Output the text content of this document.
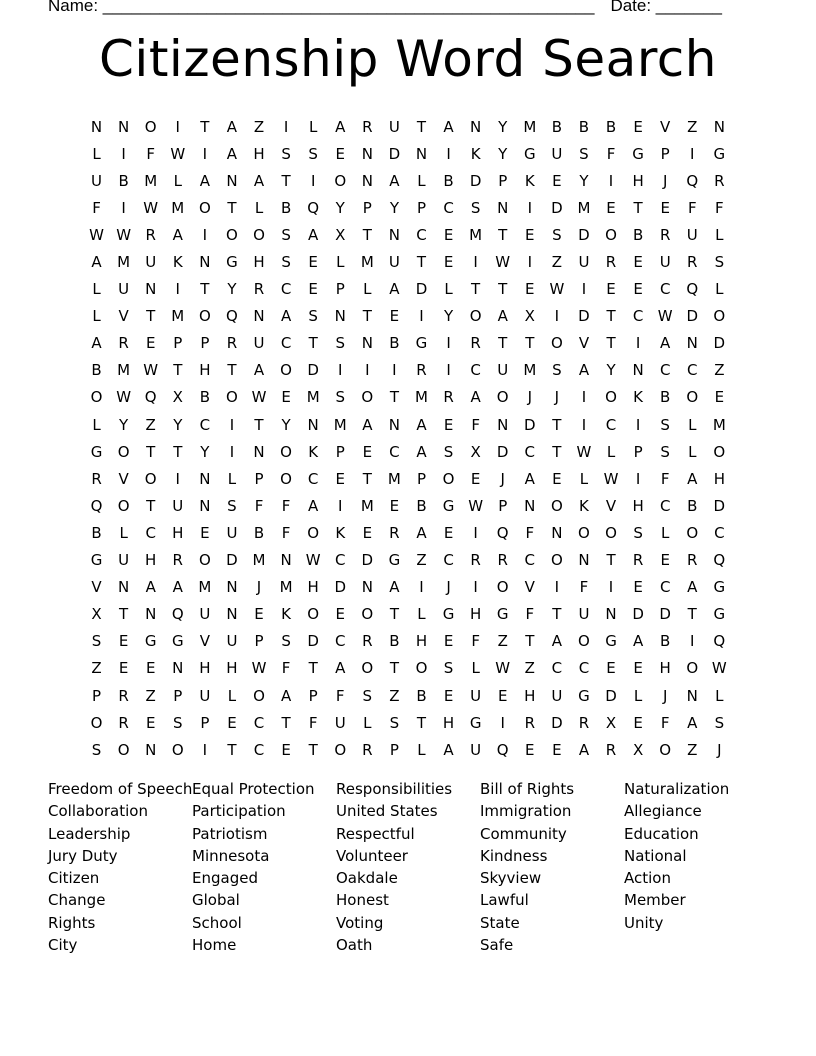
Name: ____________________________________________________ Date: _______
Citizenship Word Search
N	N	O	I	T	A	Z	I	L	A	R	U	T	A	N	Y	M	B	B	B	E	V	Z	N
L	I	F	W	I	A	H	S	S	E	N	D	N	I	K	Y	G	U	S	F	G	P	I	G
U	B	M	L	A	N	A	T	I	O	N	A	L	B	D	P	K	E	Y	I	H	J	Q	R
F	I	W M O	T	L	B	Q	Y	P	Y	P	C	S	N	I	D M	E	T	E	F	F
W W R	A	I	O	O	S	A	X	T	N	C	E	M	T	E	S	D	O	B	R	U	L
A	M	U	K	N	G	H	S	E	L	M	U	T	E	I	W	I	Z	U	R	E	U	R	S
L	U	N	I	T	Y	R	C	E	P	L	A	D	L	T	T	E W	I	E	E	C	Q	L
L	V	T	M O	Q	N	A	S	N	T	E	I	Y	O	A	X	I	D	T	C W D	O
A	R	E	P	P	R	U	C	T	S	N	B	G	I	R	T	T	O	V	T	I	A	N	D
B	M W	T	H	T	A	O	D	I	I	I	R	I	C	U	M	S	A	Y	N	C	C	Z
O W Q	X	B	O W E	M	S	O	T	M	R	A	O	J	J	I	O	K	B	O	E
L	Y	Z	Y	C	I	T	Y	N M	A	N	A	E	F	N	D	T	I	C	I	S	L	M
G	O	T	T	Y	I	N	O	K	P	E	C	A	S	X	D	C	T	W	L	P	S	L	O
R	V	O	I	N	L	P	O	C	E	T	M	P	O	E	J	A	E	L	W	I	F	A	H
Q	O	T	U	N	S	F	F	A	I	M	E	B	G W	P	N	O	K	V	H	C	B	D
B	L	C	H	E	U	B	F	O	K	E	R	A	E	I	Q	F	N	O	O	S	L	O	C
G	U	H	R	O	D M N W C	D	G	Z	C	R	R	C	O	N	T	R	E	R	Q
V	N	A	A	M N	J	M H	D	N	A	I	J	I	O	V	I	F	I	E	C	A	G
X	T	N	Q	U	N	E	K	O	E	O	T	L	G	H	G	F	T	U	N	D	D	T	G
S	E	G	G	V	U	P	S	D	C	R	B	H	E	F	Z	T	A	O	G	A	B	I	Q
Z	E	E	N	H	H W	F	T	A	O	T	O	S	L	W Z	C	C	E	E	H	O W
P	R	Z	P	U	L	O	A	P	F	S	Z	B	E	U	E	H	U	G	D	L	J	N	L
O	R	E	S	P	E	C	T	F	U	L	S	T	H	G	I	R	D	R	X	E	F	A	S
S	O	N	O	I	T	C	E	T	O	R	P	L	A	U	Q	E	E	A	R	X	O	Z	J
Freedom of Speech
Collaboration
Leadership
Jury Duty
Citizen
Change
Rights
City
Equal Protection
Participation
Patriotism
Minnesota
Engaged
Global
School
Home
Responsibilities
United States
Respectful
Volunteer
Oakdale
Honest
Voting
Oath
Bill of Rights
Immigration
Community
Kindness
Skyview
Lawful
State
Safe
Naturalization
Allegiance
Education
National
Action
Member
Unity
